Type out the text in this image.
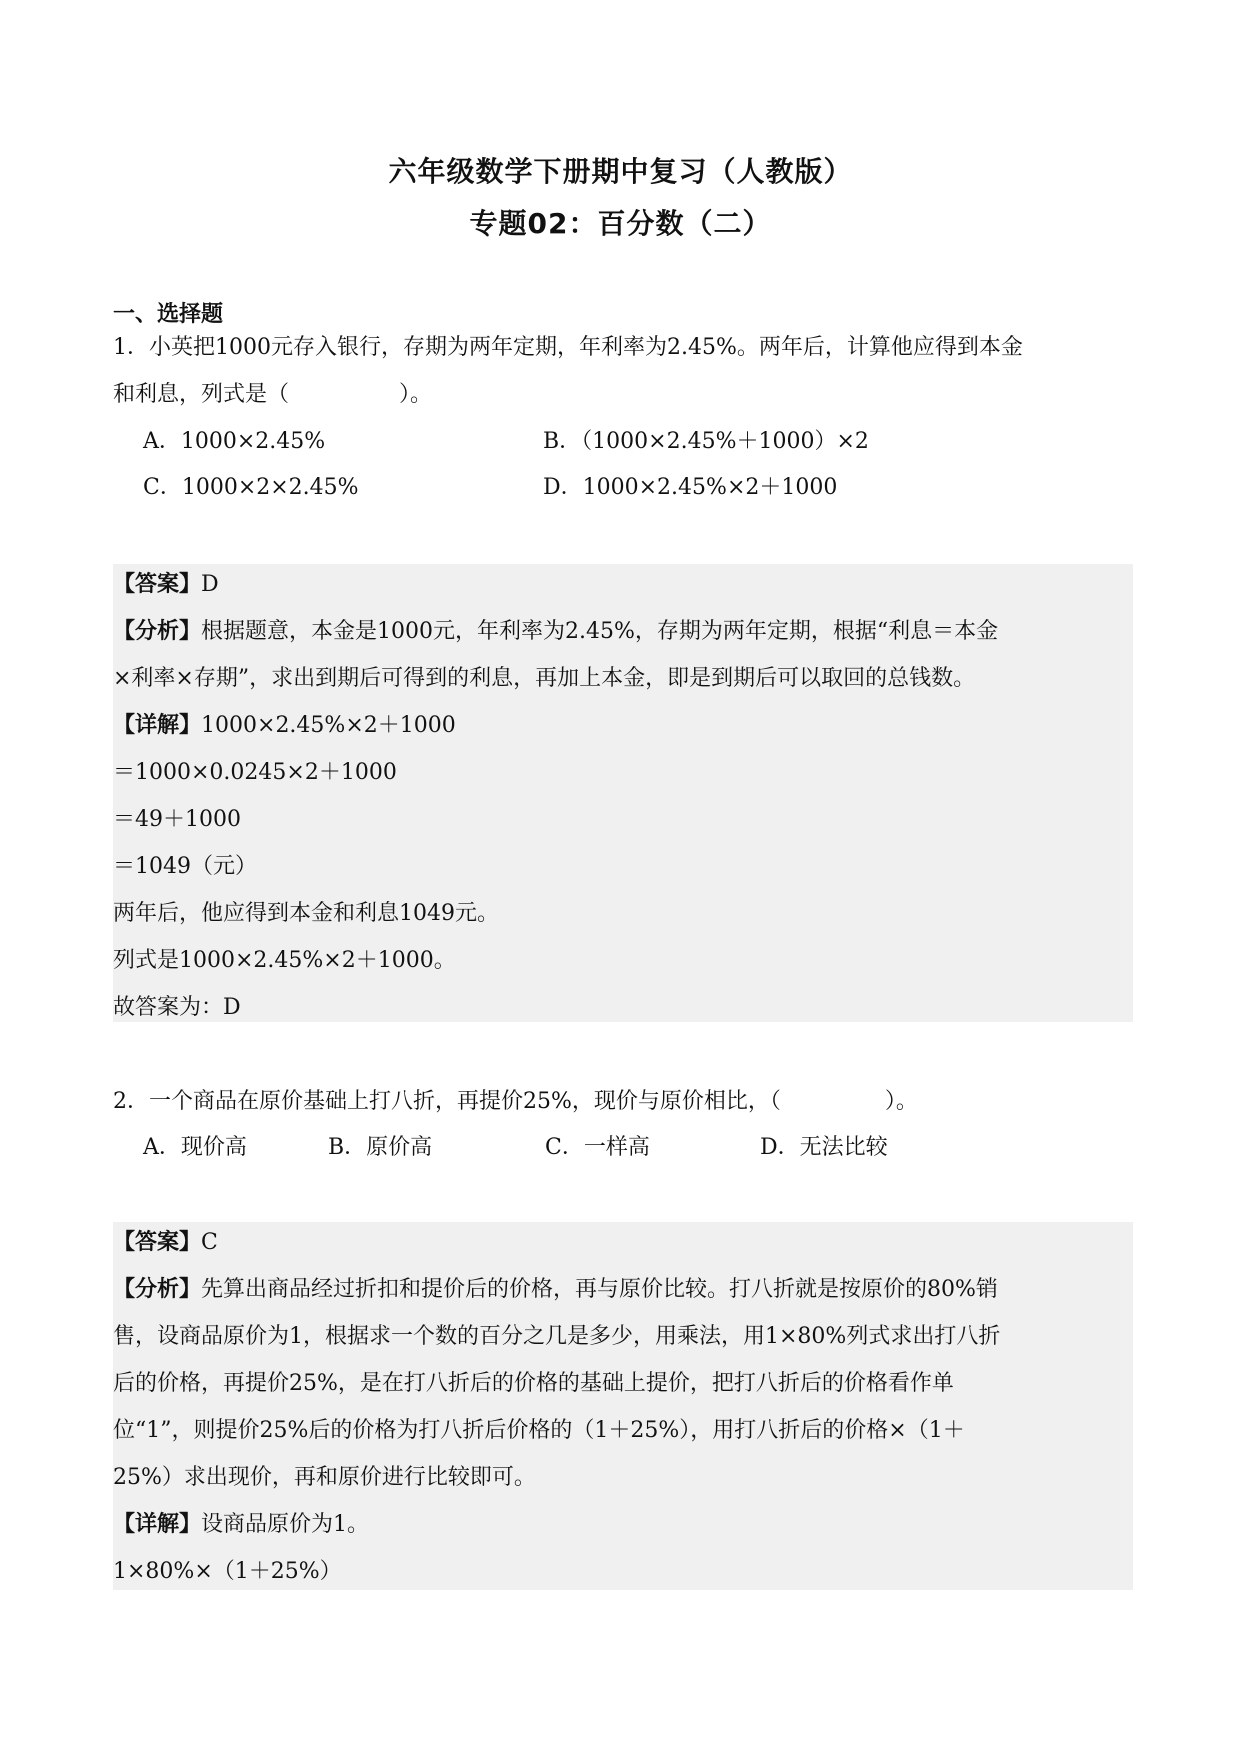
六年级数学下册期中复习（人教版）
专题02：百分数（二）
一、选择题
1．小英把1000元存入银行，存期为两年定期，年利率为2.45%。两年后，计算他应得到本金
和利息，列式是（	）。
A．1000×2.45%	B．（1000×2.45%＋1000）×2
C．1000×2×2.45%	D．1000×2.45%×2＋1000
【答案】D
【分析】根据题意，本金是1000元，年利率为2.45%，存期为两年定期，根据“利息＝本金
×利率×存期”，求出到期后可得到的利息，再加上本金，即是到期后可以取回的总钱数。
【详解】1000×2.45%×2＋1000
＝1000×0.0245×2＋1000
＝49＋1000
＝1049（元）
两年后，他应得到本金和利息1049元。
列式是1000×2.45%×2＋1000。
故答案为：D
2．一个商品在原价基础上打八折，再提价25%，现价与原价相比，（	）。
A．现价高	B．原价高	C．一样高	D．无法比较
【答案】C
【分析】先算出商品经过折扣和提价后的价格，再与原价比较。打八折就是按原价的80%销
售，设商品原价为1，根据求一个数的百分之几是多少，用乘法，用1×80%列式求出打八折
后的价格，再提价25%，是在打八折后的价格的基础上提价，把打八折后的价格看作单
位“1”，则提价25%后的价格为打八折后价格的（1＋25%），用打八折后的价格×（1＋
25%）求出现价，再和原价进行比较即可。
【详解】设商品原价为1。
1×80%×（1＋25%）
